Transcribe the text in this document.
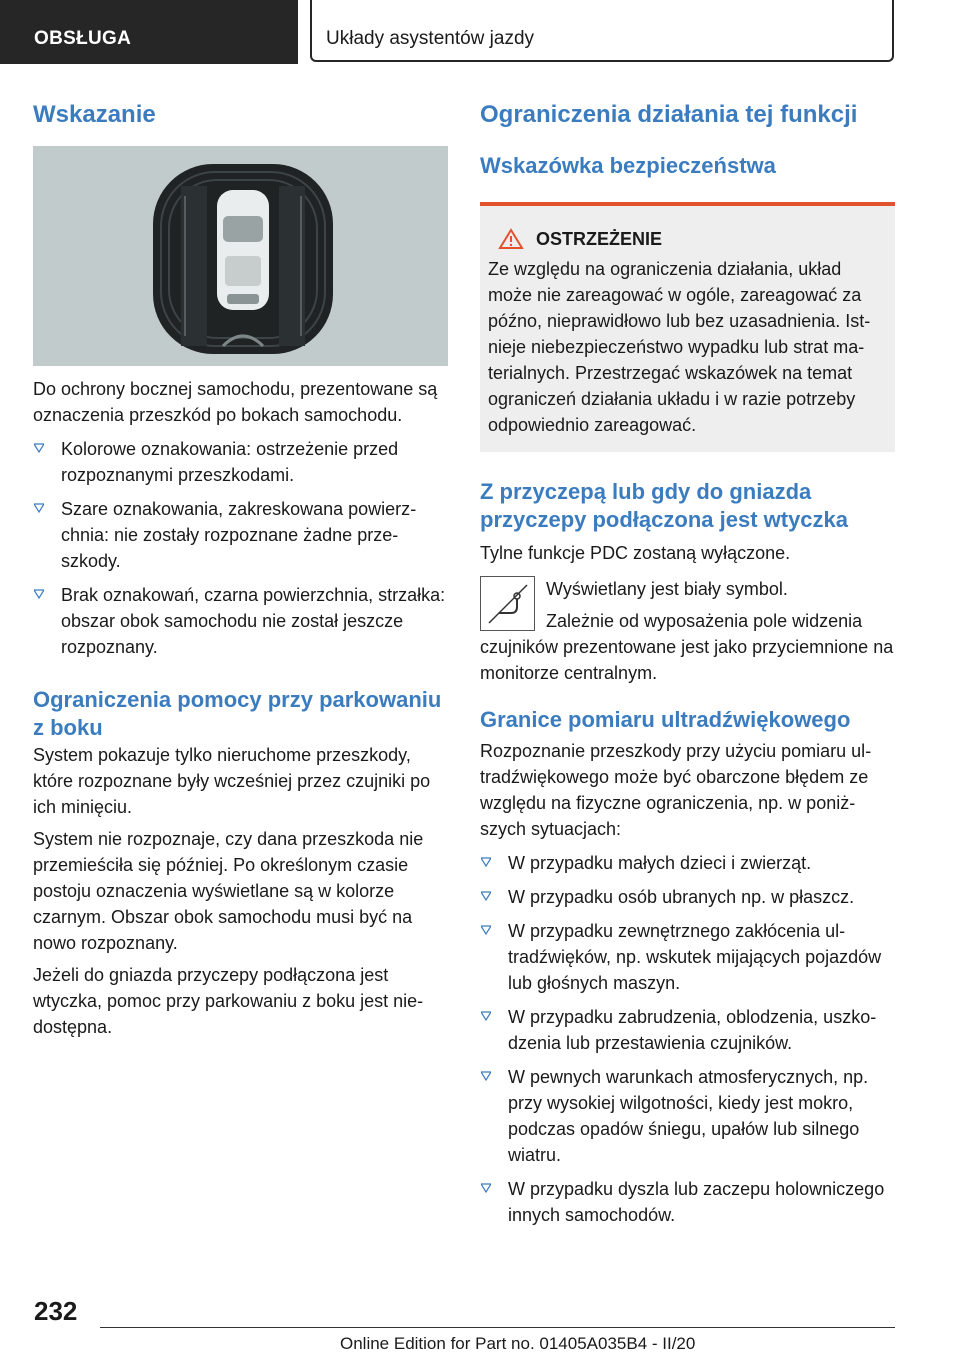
OBSŁUGA	Układy asystentów jazdy
Wskazanie

Do ochrony bocznej samochodu, prezentowane są oznaczenia przeszkód po bokach samochodu.

Kolorowe oznakowania: ostrzeżenie przed rozpoznanymi przeszkodami.
Szare oznakowania, zakreskowana powierzchnia: nie zostały rozpoznane żadne przeszkody.
Brak oznakowań, czarna powierzchnia, strzałka: obszar obok samochodu nie został jeszcze rozpoznany.
Ograniczenia pomocy przy parkowaniu z boku

System pokazuje tylko nieruchome przeszkody, które rozpoznane były wcześniej przez czujniki po ich minięciu.

System nie rozpoznaje, czy dana przeszkoda nie przemieściła się później. Po określonym czasie postoju oznaczenia wyświetlane są w kolorze czarnym. Obszar obok samochodu musi być na nowo rozpoznany.

Jeżeli do gniazda przyczepy podłączona jest wtyczka, pomoc przy parkowaniu z boku jest niedostępna.

Ograniczenia działania tej funkcji
Wskazówka bezpieczeństwa
OSTRZEŻENIE

Ze względu na ograniczenia działania, układ może nie zareagować w ogóle, zareagować za późno, nieprawidłowo lub bez uzasadnienia. Istnieje niebezpieczeństwo wypadku lub strat materialnych. Przestrzegać wskazówek na temat ograniczeń działania układu i w razie potrzeby odpowiednio zareagować.

Z przyczepą lub gdy do gniazda przyczepy podłączona jest wtyczka

Tylne funkcje PDC zostaną wyłączone.

Wyświetlany jest biały symbol.

Zależnie od wyposażenia pole widzenia czujników prezentowane jest jako przyciemnione na monitorze centralnym.

Granice pomiaru ultradźwiękowego

Rozpoznanie przeszkody przy użyciu pomiaru ultradźwiękowego może być obarczone błędem ze względu na fizyczne ograniczenia, np. w poniższych sytuacjach:

W przypadku małych dzieci i zwierząt.
W przypadku osób ubranych np. w płaszcz.
W przypadku zewnętrznego zakłócenia ultradźwięków, np. wskutek mijających pojazdów lub głośnych maszyn.
W przypadku zabrudzenia, oblodzenia, uszkodzenia lub przestawienia czujników.
W pewnych warunkach atmosferycznych, np. przy wysokiej wilgotności, kiedy jest mokro, podczas opadów śniegu, upałów lub silnego wiatru.
W przypadku dyszla lub zaczepu holowniczego innych samochodów.
232
Online Edition for Part no. 01405A035B4 - II/20
